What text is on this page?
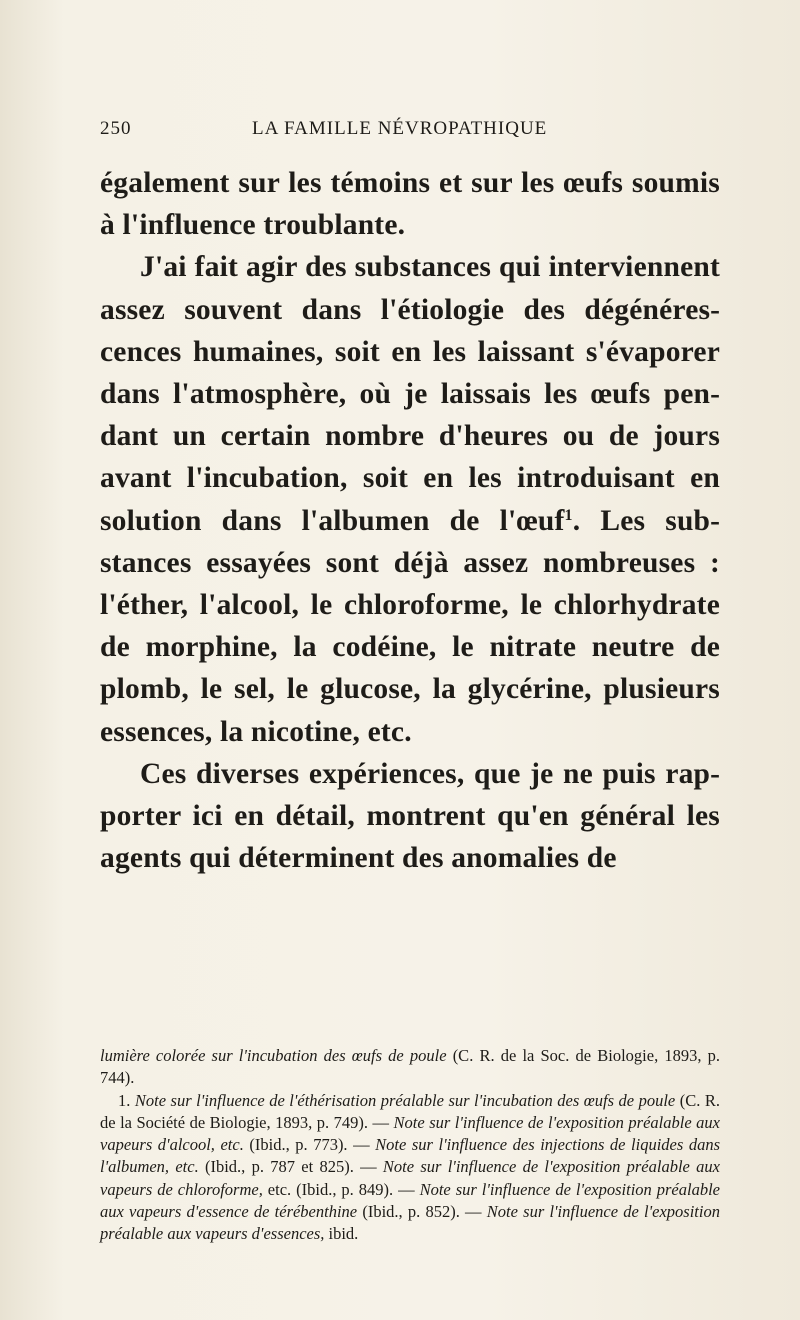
250	LA FAMILLE NÉVROPATHIQUE

également sur les témoins et sur les œufs soumis à l'influence troublante.

J'ai fait agir des substances qui interviennent assez souvent dans l'étiologie des dégénérescences humaines, soit en les laissant s'évaporer dans l'atmosphère, où je laissais les œufs pendant un certain nombre d'heures ou de jours avant l'incubation, soit en les introduisant en solution dans l'albumen de l'œuf$^1$. Les substances essayées sont déjà assez nombreuses : l'éther, l'alcool, le chloroforme, le chlorhydrate de morphine, la codéine, le nitrate neutre de plomb, le sel, le glucose, la glycérine, plusieurs essences, la nicotine, etc.

Ces diverses expériences, que je ne puis rapporter ici en détail, montrent qu'en général les agents qui déterminent des anomalies de

lumière colorée sur l'incubation des œufs de poule (C. R. de la Soc. de Biologie, 1893, p. 744).

1. Note sur l'influence de l'éthérisation préalable sur l'incubation des œufs de poule (C. R. de la Société de Biologie, 1893, p. 749). — Note sur l'influence de l'exposition préalable aux vapeurs d'alcool, etc. (Ibid., p. 773). — Note sur l'influence des injections de liquides dans l'albumen, etc. (Ibid., p. 787 et 825). — Note sur l'influence de l'exposition préalable aux vapeurs de chloroforme, etc. (Ibid., p. 849). — Note sur l'influence de l'exposition préalable aux vapeurs d'essence de térébenthine (Ibid., p. 852). — Note sur l'influence de l'exposition préalable aux vapeurs d'essences, ibid.
